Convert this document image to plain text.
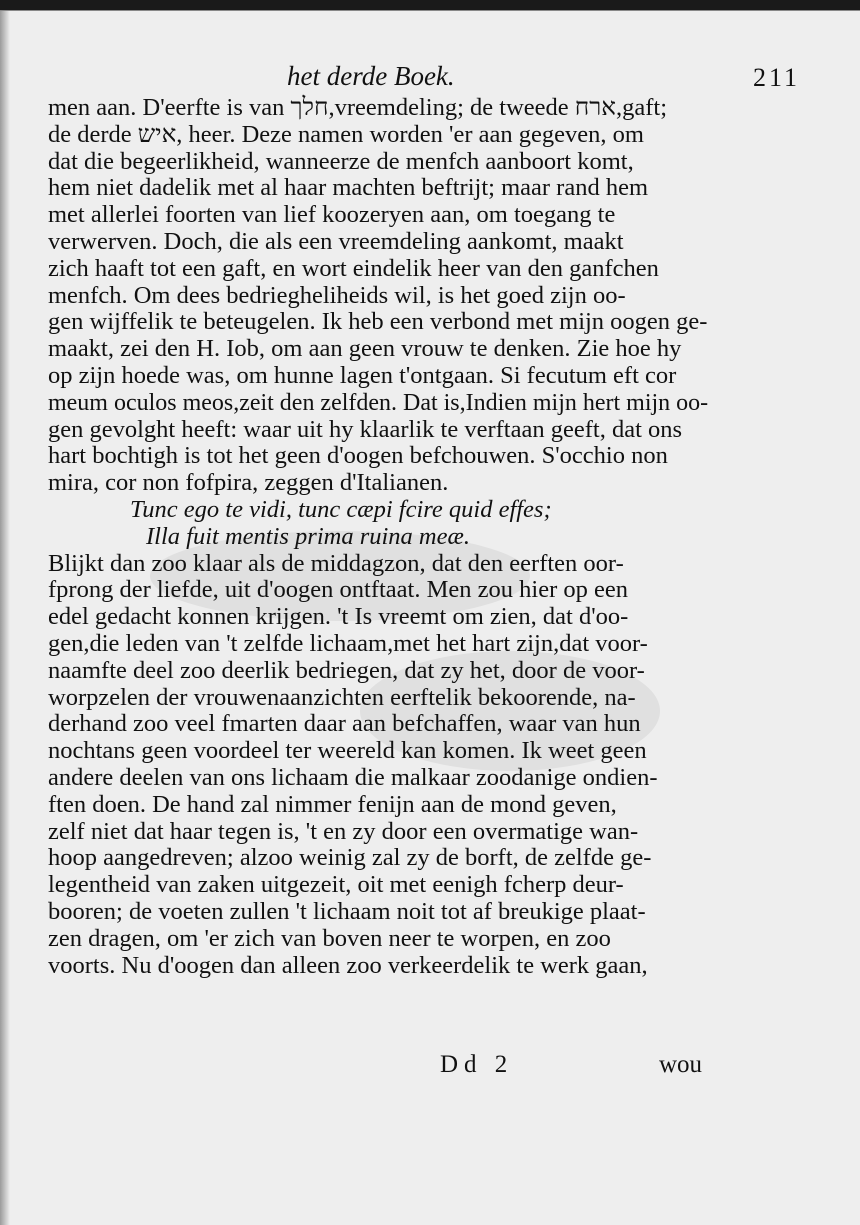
het derde Boek.	211
men aan. D'eerfte is van חלך,vreemdeling; de tweede ארח,gaft;
de derde איש, heer. Deze namen worden 'er aan gegeven, om
dat die begeerlikheid, wanneerze de menfch aanboort komt,
hem niet dadelik met al haar machten beftrijt; maar rand hem
met allerlei foorten van lief koozeryen aan, om toegang te
verwerven. Doch, die als een vreemdeling aankomt, maakt
zich haaft tot een gaft, en wort eindelik heer van den ganfchen
menfch. Om dees bedriegheliheids wil, is het goed zijn oo-
gen wijffelik te beteugelen. Ik heb een verbond met mijn oogen ge-
maakt, zei den H. Iob, om aan geen vrouw te denken. Zie hoe hy
op zijn hoede was, om hunne lagen t'ontgaan. Si fecutum eft cor
meum oculos meos,zeit den zelfden. Dat is,Indien mijn hert mijn oo-
gen gevolght heeft: waar uit hy klaarlik te verftaan geeft, dat ons
hart bochtigh is tot het geen d'oogen befchouwen. S'occhio non
mira, cor non fofpira, zeggen d'Italianen.
Tunc ego te vidi, tunc cæpi fcire quid effes;
Illa fuit mentis prima ruina meæ.
Blijkt dan zoo klaar als de middagzon, dat den eerften oor-
fprong der liefde, uit d'oogen ontftaat. Men zou hier op een
edel gedacht konnen krijgen. 't Is vreemt om zien, dat d'oo-
gen,die leden van 't zelfde lichaam,met het hart zijn,dat voor-
naamfte deel zoo deerlik bedriegen, dat zy het, door de voor-
worpzelen der vrouwenaanzichten eerftelik bekoorende, na-
derhand zoo veel fmarten daar aan befchaffen, waar van hun
nochtans geen voordeel ter weereld kan komen. Ik weet geen
andere deelen van ons lichaam die malkaar zoodanige ondien-
ften doen. De hand zal nimmer fenijn aan de mond geven,
zelf niet dat haar tegen is, 't en zy door een overmatige wan-
hoop aangedreven; alzoo weinig zal zy de borft, de zelfde ge-
legentheid van zaken uitgezeit, oit met eenigh fcherp deur-
booren; de voeten zullen 't lichaam noit tot af breukige plaat-
zen dragen, om 'er zich van boven neer te worpen, en zoo
voorts. Nu d'oogen dan alleen zoo verkeerdelik te werk gaan,
Dd 2	wou
